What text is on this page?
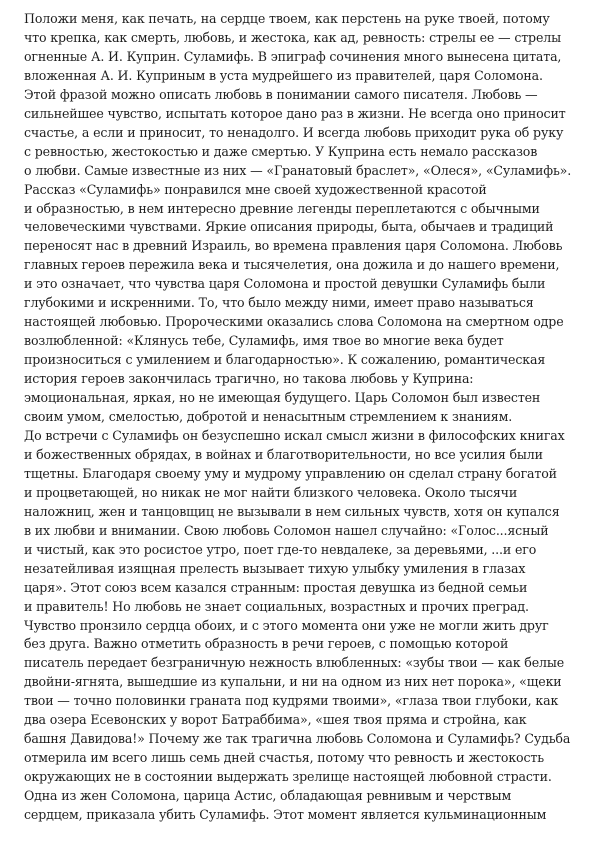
Положи меня, как печать, на сердце твоем, как перстень на руке твоей, потому
что крепка, как смерть, любовь, и жестока, как ад, ревность: стрелы ее — стрелы
огненные А. И. Куприн. Суламифь. В эпиграф сочинения много вынесена цитата,
вложенная А. И. Куприным в уста мудрейшего из правителей, царя Соломона.
Этой фразой можно описать любовь в понимании самого писателя. Любовь —
сильнейшее чувство, испытать которое дано раз в жизни. Не всегда оно приносит
счастье, а если и приносит, то ненадолго. И всегда любовь приходит рука об руку
с ревностью, жестокостью и даже смертью. У Куприна есть немало рассказов
о любви. Самые известные из них — «Гранатовый браслет», «Олеся», «Суламифь».
Рассказ «Суламифь» понравился мне своей художественной красотой
и образностью, в нем интересно древние легенды переплетаются с обычными
человеческими чувствами. Яркие описания природы, быта, обычаев и традиций
переносят нас в древний Израиль, во времена правления царя Соломона. Любовь
главных героев пережила века и тысячелетия, она дожила и до нашего времени,
и это означает, что чувства царя Соломона и простой девушки Суламифь были
глубокими и искренними. То, что было между ними, имеет право называться
настоящей любовью. Пророческими оказались слова Соломона на смертном одре
возлюбленной: «Клянусь тебе, Суламифь, имя твое во многие века будет
произноситься с умилением и благодарностью». К сожалению, романтическая
история героев закончилась трагично, но такова любовь у Куприна:
эмоциональная, яркая, но не имеющая будущего. Царь Соломон был известен
своим умом, смелостью, добротой и ненасытным стремлением к знаниям.
До встречи с Суламифь он безуспешно искал смысл жизни в философских книгах
и божественных обрядах, в войнах и благотворительности, но все усилия были
тщетны. Благодаря своему уму и мудрому управлению он сделал страну богатой
и процветающей, но никак не мог найти близкого человека. Около тысячи
наложниц, жен и танцовщиц не вызывали в нем сильных чувств, хотя он купался
в их любви и внимании. Свою любовь Соломон нашел случайно: «Голос...ясный
и чистый, как это росистое утро, поет где-то невдалеке, за деревьями, ...и его
незатейливая изящная прелесть вызывает тихую улыбку умиления в глазах
царя». Этот союз всем казался странным: простая девушка из бедной семьи
и правитель! Но любовь не знает социальных, возрастных и прочих преград.
Чувство пронзило сердца обоих, и с этого момента они уже не могли жить друг
без друга. Важно отметить образность в речи героев, с помощью которой
писатель передает безграничную нежность влюбленных: «зубы твои — как белые
двойни-ягнята, вышедшие из купальни, и ни на одном из них нет порока», «щеки
твои — точно половинки граната под кудрями твоими», «глаза твои глубоки, как
два озера Есевонских у ворот Батраббима», «шея твоя пряма и стройна, как
башня Давидова!» Почему же так трагична любовь Соломона и Суламифь? Судьба
отмерила им всего лишь семь дней счастья, потому что ревность и жестокость
окружающих не в состоянии выдержать зрелище настоящей любовной страсти.
Одна из жен Соломона, царица Астис, обладающая ревнивым и черствым
сердцем, приказала убить Суламифь. Этот момент является кульминационным
